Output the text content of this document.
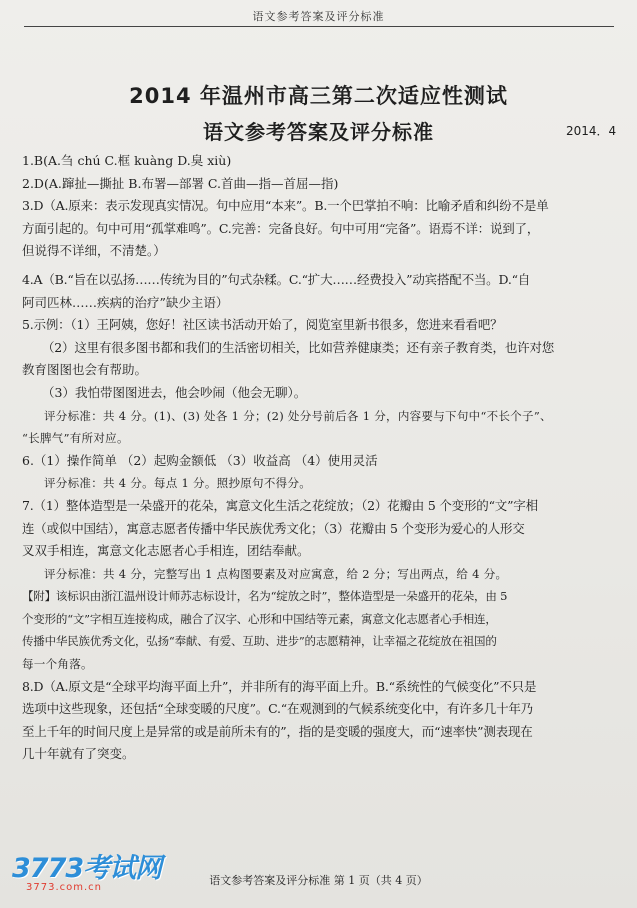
语文参考答案及评分标准
2014 年温州市高三第二次适应性测试
语文参考答案及评分标准	2014．4

1.B(A.刍 chú C.框 kuàng D.臭 xiù)

2.D(A.蹿扯—撕扯 B.布署—部署 C.首曲—指—首屈—指)

3.D（A.原来：表示发现真实情况。句中应用“本来”。B.一个巴掌拍不响：比喻矛盾和纠纷不是单

方面引起的。句中可用“孤掌难鸣”。C.完善：完备良好。句中可用“完备”。语焉不详：说到了，

但说得不详细，不清楚。）

4.A（B.“旨在以弘扬……传统为目的”句式杂糅。C.“扩大……经费投入”动宾搭配不当。D.“自

阿司匹林……疾病的治疗”缺少主语）

5.示例：（1）王阿姨，您好！社区读书活动开始了，阅览室里新书很多，您进来看看吧？

（2）这里有很多图书都和我们的生活密切相关，比如营养健康类；还有亲子教育类，也许对您

教育图图也会有帮助。

（3）我怕带图图进去，他会吵闹（他会无聊）。

评分标准：共 4 分。(1)、(3) 处各 1 分；(2) 处分号前后各 1 分，内容要与下句中“不长个子”、

“长脾气”有所对应。

6.（1）操作简单 （2）起购金额低 （3）收益高 （4）使用灵活

评分标准：共 4 分。每点 1 分。照抄原句不得分。

7.（1）整体造型是一朵盛开的花朵，寓意文化生活之花绽放；（2）花瓣由 5 个变形的“文”字相

连（或似中国结），寓意志愿者传播中华民族优秀文化；（3）花瓣由 5 个变形为爱心的人形交

叉双手相连，寓意文化志愿者心手相连，团结奉献。

评分标准：共 4 分，完整写出 1 点构图要素及对应寓意，给 2 分；写出两点，给 4 分。

【附】该标识由浙江温州设计师苏志标设计，名为“绽放之时”，整体造型是一朵盛开的花朵，由 5

个变形的“文”字相互连接构成，融合了汉字、心形和中国结等元素，寓意文化志愿者心手相连，

传播中华民族优秀文化，弘扬“奉献、有爱、互助、进步”的志愿精神，让幸福之花绽放在祖国的

每一个角落。

8.D（A.原文是“全球平均海平面上升”，并非所有的海平面上升。B.“系统性的气候变化”不只是

选项中这些现象，还包括“全球变暖的尺度”。C.“在观测到的气候系统变化中，有许多几十年乃

至上千年的时间尺度上是异常的或是前所未有的”，指的是变暖的强度大，而“速率快”测表现在

几十年就有了突变。

语文参考答案及评分标准 第 1 页（共 4 页）
3773考试网
3773.com.cn
